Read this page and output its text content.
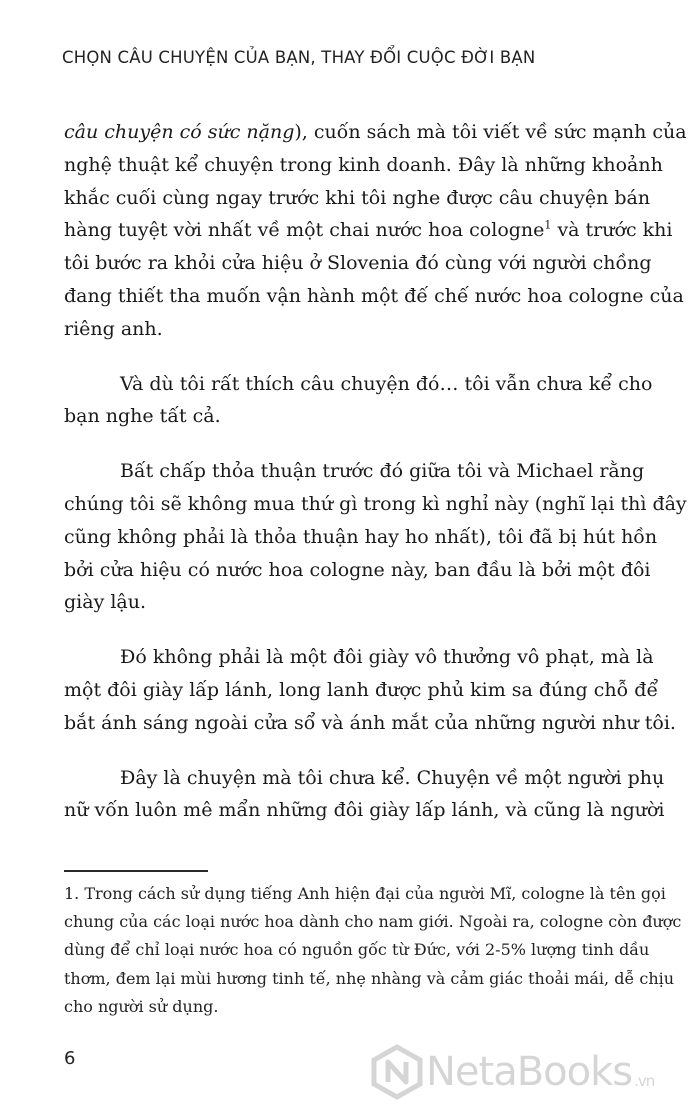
CHỌN CÂU CHUYỆN CỦA BẠN, THAY ĐỔI CUỘC ĐỜI BẠN
câu chuyện có sức nặng), cuốn sách mà tôi viết về sức mạnh của
nghệ thuật kể chuyện trong kinh doanh. Đây là những khoảnh
khắc cuối cùng ngay trước khi tôi nghe được câu chuyện bán
hàng tuyệt vời nhất về một chai nước hoa cologne$^1$ và trước khi
tôi bước ra khỏi cửa hiệu ở Slovenia đó cùng với người chồng
đang thiết tha muốn vận hành một đế chế nước hoa cologne của
riêng anh.
Và dù tôi rất thích câu chuyện đó… tôi vẫn chưa kể cho
bạn nghe tất cả.
Bất chấp thỏa thuận trước đó giữa tôi và Michael rằng
chúng tôi sẽ không mua thứ gì trong kì nghỉ này (nghĩ lại thì đây
cũng không phải là thỏa thuận hay ho nhất), tôi đã bị hút hồn
bởi cửa hiệu có nước hoa cologne này, ban đầu là bởi một đôi
giày lậu.
Đó không phải là một đôi giày vô thưởng vô phạt, mà là
một đôi giày lấp lánh, long lanh được phủ kim sa đúng chỗ để
bắt ánh sáng ngoài cửa sổ và ánh mắt của những người như tôi.
Đây là chuyện mà tôi chưa kể. Chuyện về một người phụ
nữ vốn luôn mê mẩn những đôi giày lấp lánh, và cũng là người
1. Trong cách sử dụng tiếng Anh hiện đại của người Mĩ, cologne là tên gọi
chung của các loại nước hoa dành cho nam giới. Ngoài ra, cologne còn được
dùng để chỉ loại nước hoa có nguồn gốc từ Đức, với 2-5% lượng tinh dầu
thơm, đem lại mùi hương tinh tế, nhẹ nhàng và cảm giác thoải mái, dễ chịu
cho người sử dụng.
6	NetaBooks .vn
